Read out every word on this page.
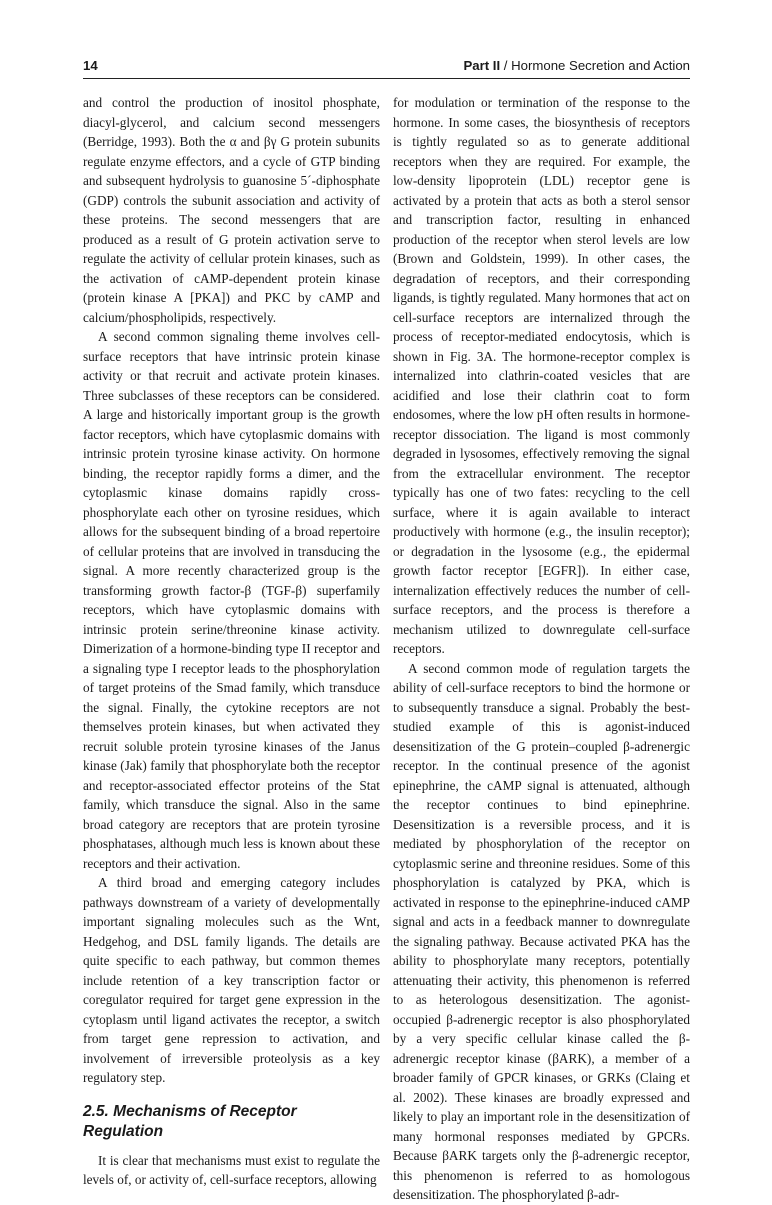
14	Part II / Hormone Secretion and Action

and control the production of inositol phosphate, diacyl-glycerol, and calcium second messengers (Berridge, 1993). Both the α and βγ G protein subunits regulate enzyme effectors, and a cycle of GTP binding and subsequent hydrolysis to guanosine 5´-diphosphate (GDP) controls the subunit association and activity of these proteins. The second messengers that are produced as a result of G protein activation serve to regulate the activity of cellular protein kinases, such as the activation of cAMP-dependent protein kinase (protein kinase A [PKA]) and PKC by cAMP and calcium/phospholipids, respectively.

A second common signaling theme involves cell-surface receptors that have intrinsic protein kinase activity or that recruit and activate protein kinases. Three subclasses of these receptors can be considered. A large and historically important group is the growth factor receptors, which have cytoplasmic domains with intrinsic protein tyrosine kinase activity. On hormone binding, the receptor rapidly forms a dimer, and the cytoplasmic kinase domains rapidly cross-phosphorylate each other on tyrosine residues, which allows for the subsequent binding of a broad repertoire of cellular proteins that are involved in transducing the signal. A more recently characterized group is the transforming growth factor-β (TGF-β) superfamily receptors, which have cytoplasmic domains with intrinsic protein serine/threonine kinase activity. Dimerization of a hormone-binding type II receptor and a signaling type I receptor leads to the phosphorylation of target proteins of the Smad family, which transduce the signal. Finally, the cytokine receptors are not themselves protein kinases, but when activated they recruit soluble protein tyrosine kinases of the Janus kinase (Jak) family that phosphorylate both the receptor and receptor-associated effector proteins of the Stat family, which transduce the signal. Also in the same broad category are receptors that are protein tyrosine phosphatases, although much less is known about these receptors and their activation.

A third broad and emerging category includes pathways downstream of a variety of developmentally important signaling molecules such as the Wnt, Hedgehog, and DSL family ligands. The details are quite specific to each pathway, but common themes include retention of a key transcription factor or coregulator required for target gene expression in the cytoplasm until ligand activates the receptor, a switch from target gene repression to activation, and involvement of irreversible proteolysis as a key regulatory step.

2.5. Mechanisms of Receptor Regulation

It is clear that mechanisms must exist to regulate the levels of, or activity of, cell-surface receptors, allowing

for modulation or termination of the response to the hormone. In some cases, the biosynthesis of receptors is tightly regulated so as to generate additional receptors when they are required. For example, the low-density lipoprotein (LDL) receptor gene is activated by a protein that acts as both a sterol sensor and transcription factor, resulting in enhanced production of the receptor when sterol levels are low (Brown and Goldstein, 1999). In other cases, the degradation of receptors, and their corresponding ligands, is tightly regulated. Many hormones that act on cell-surface receptors are internalized through the process of receptor-mediated endocytosis, which is shown in Fig. 3A. The hormone-receptor complex is internalized into clathrin-coated vesicles that are acidified and lose their clathrin coat to form endosomes, where the low pH often results in hormone-receptor dissociation. The ligand is most commonly degraded in lysosomes, effectively removing the signal from the extracellular environment. The receptor typically has one of two fates: recycling to the cell surface, where it is again available to interact productively with hormone (e.g., the insulin receptor); or degradation in the lysosome (e.g., the epidermal growth factor receptor [EGFR]). In either case, internalization effectively reduces the number of cell-surface receptors, and the process is therefore a mechanism utilized to downregulate cell-surface receptors.

A second common mode of regulation targets the ability of cell-surface receptors to bind the hormone or to subsequently transduce a signal. Probably the best-studied example of this is agonist-induced desensitization of the G protein–coupled β-adrenergic receptor. In the continual presence of the agonist epinephrine, the cAMP signal is attenuated, although the receptor continues to bind epinephrine. Desensitization is a reversible process, and it is mediated by phosphorylation of the receptor on cytoplasmic serine and threonine residues. Some of this phosphorylation is catalyzed by PKA, which is activated in response to the epinephrine-induced cAMP signal and acts in a feedback manner to downregulate the signaling pathway. Because activated PKA has the ability to phosphorylate many receptors, potentially attenuating their activity, this phenomenon is referred to as heterologous desensitization. The agonist-occupied β-adrenergic receptor is also phosphorylated by a very specific cellular kinase called the β-adrenergic receptor kinase (βARK), a member of a broader family of GPCR kinases, or GRKs (Claing et al. 2002). These kinases are broadly expressed and likely to play an important role in the desensitization of many hormonal responses mediated by GPCRs. Because βARK targets only the β-adrenergic receptor, this phenomenon is referred to as homologous desensitization. The phosphorylated β-adr-
